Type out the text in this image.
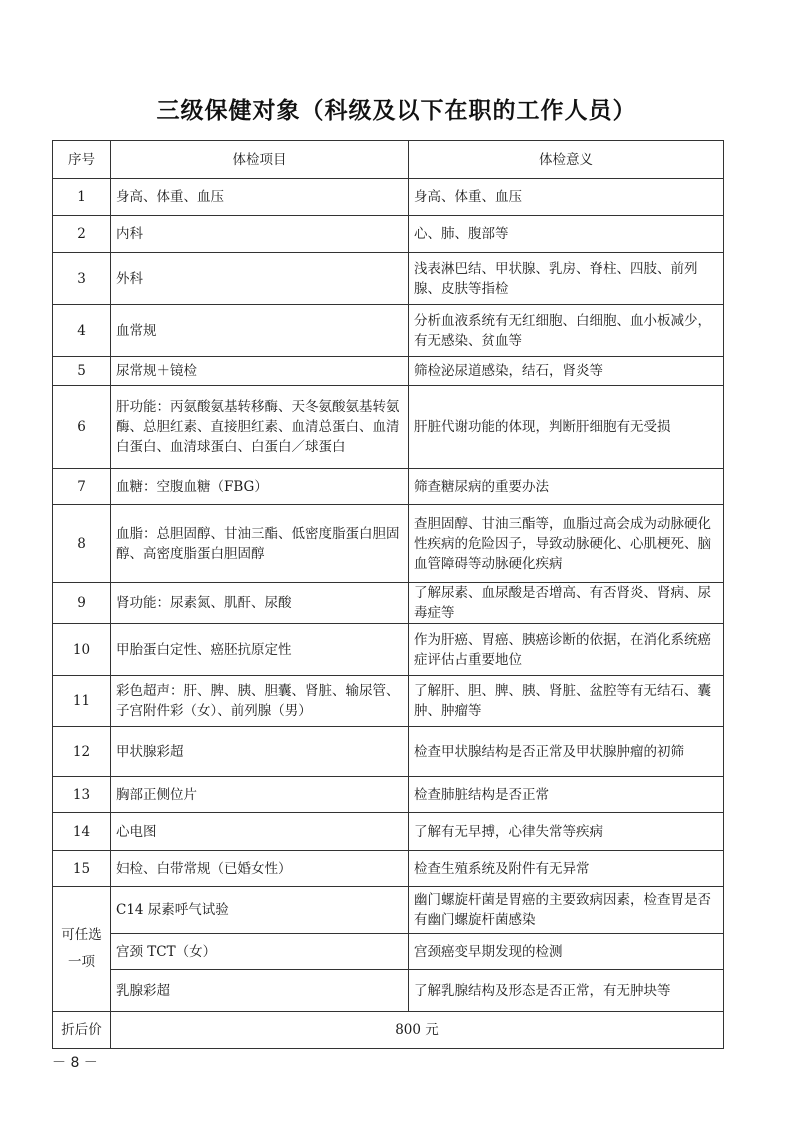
三级保健对象（科级及以下在职的工作人员）
序号	体检项目	体检意义
1	身高、体重、血压	身高、体重、血压
2	内科	心、肺、腹部等
3	外科	浅表淋巴结、甲状腺、乳房、脊柱、四肢、前列腺、皮肤等指检
4	血常规	分析血液系统有无红细胞、白细胞、血小板减少，有无感染、贫血等
5	尿常规＋镜检	筛检泌尿道感染，结石，肾炎等
6	肝功能：丙氨酸氨基转移酶、天冬氨酸氨基转氨酶、总胆红素、直接胆红素、血清总蛋白、血清白蛋白、血清球蛋白、白蛋白／球蛋白	肝脏代谢功能的体现，判断肝细胞有无受损
7	血糖：空腹血糖（FBG）	筛查糖尿病的重要办法
8	血脂：总胆固醇、甘油三酯、低密度脂蛋白胆固醇、高密度脂蛋白胆固醇	查胆固醇、甘油三酯等，血脂过高会成为动脉硬化性疾病的危险因子，导致动脉硬化、心肌梗死、脑血管障碍等动脉硬化疾病
9	肾功能：尿素氮、肌酐、尿酸	了解尿素、血尿酸是否增高、有否肾炎、肾病、尿毒症等
10	甲胎蛋白定性、癌胚抗原定性	作为肝癌、胃癌、胰癌诊断的依据，在消化系统癌症评估占重要地位
11	彩色超声：肝、脾、胰、胆囊、肾脏、输尿管、子宫附件彩（女）、前列腺（男）	了解肝、胆、脾、胰、肾脏、盆腔等有无结石、囊肿、肿瘤等
12	甲状腺彩超	检查甲状腺结构是否正常及甲状腺肿瘤的初筛
13	胸部正侧位片	检查肺脏结构是否正常
14	心电图	了解有无早搏，心律失常等疾病
15	妇检、白带常规（已婚女性）	检查生殖系统及附件有无异常
可任选一项	C14 尿素呼气试验	幽门螺旋杆菌是胃癌的主要致病因素，检查胃是否有幽门螺旋杆菌感染
	宫颈 TCT（女）	宫颈癌变早期发现的检测
	乳腺彩超	了解乳腺结构及形态是否正常，有无肿块等
折后价	800 元	
－ 8 －
